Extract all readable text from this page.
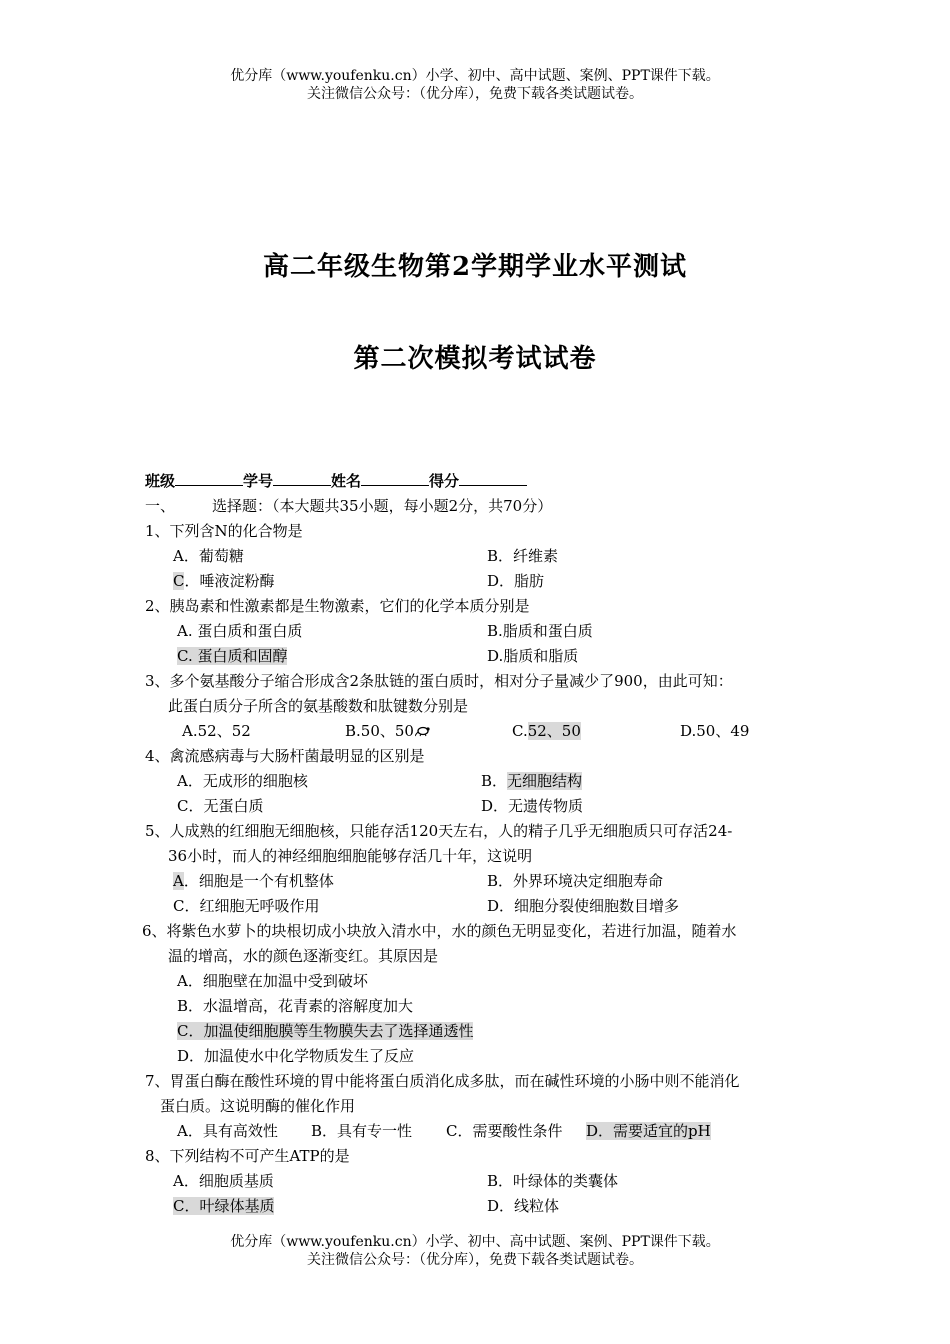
优分库（www.youfenku.cn）小学、初中、高中试题、案例、PPT课件下载。
关注微信公众号：（优分库），免费下载各类试题试卷。
高二年级生物第2学期学业水平测试
第二次模拟考试试卷
班级	学号	姓名	得分
一、 选择题：（本大题共35小题，每小题2分，共70分）
1、下列含N的化合物是
A．葡萄糖	B．纤维素
C．唾液淀粉酶	D．脂肪
2、胰岛素和性激素都是生物激素，它们的化学本质分别是
A. 蛋白质和蛋白质	B.脂质和蛋白质
C. 蛋白质和固醇	D.脂质和脂质
3、多个氨基酸分子缩合形成含2条肽链的蛋白质时，相对分子量减少了900，由此可知：
此蛋白质分子所含的氨基酸数和肽键数分别是
A.52、52	B.50、50	C.52、50	D.50、49
4、禽流感病毒与大肠杆菌最明显的区别是
A．无成形的细胞核	B．无细胞结构
C．无蛋白质	D．无遗传物质
5、人成熟的红细胞无细胞核，只能存活120天左右，人的精子几乎无细胞质只可存活24-
36小时，而人的神经细胞细胞能够存活几十年，这说明
A．细胞是一个有机整体	B．外界环境决定细胞寿命
C．红细胞无呼吸作用	D．细胞分裂使细胞数目增多
6、将紫色水萝卜的块根切成小块放入清水中，水的颜色无明显变化，若进行加温，随着水
温的增高，水的颜色逐渐变红。其原因是
A．细胞壁在加温中受到破坏
B．水温增高，花青素的溶解度加大
C．加温使细胞膜等生物膜失去了选择通透性
D．加温使水中化学物质发生了反应
7、胃蛋白酶在酸性环境的胃中能将蛋白质消化成多肽，而在碱性环境的小肠中则不能消化
蛋白质。这说明酶的催化作用
A．具有高效性 B．具有专一性 C．需要酸性条件 D．需要适宜的pH
8、下列结构不可产生ATP的是
A．细胞质基质	B．叶绿体的类囊体
C．叶绿体基质	D．线粒体
优分库（www.youfenku.cn）小学、初中、高中试题、案例、PPT课件下载。
关注微信公众号：（优分库），免费下载各类试题试卷。
